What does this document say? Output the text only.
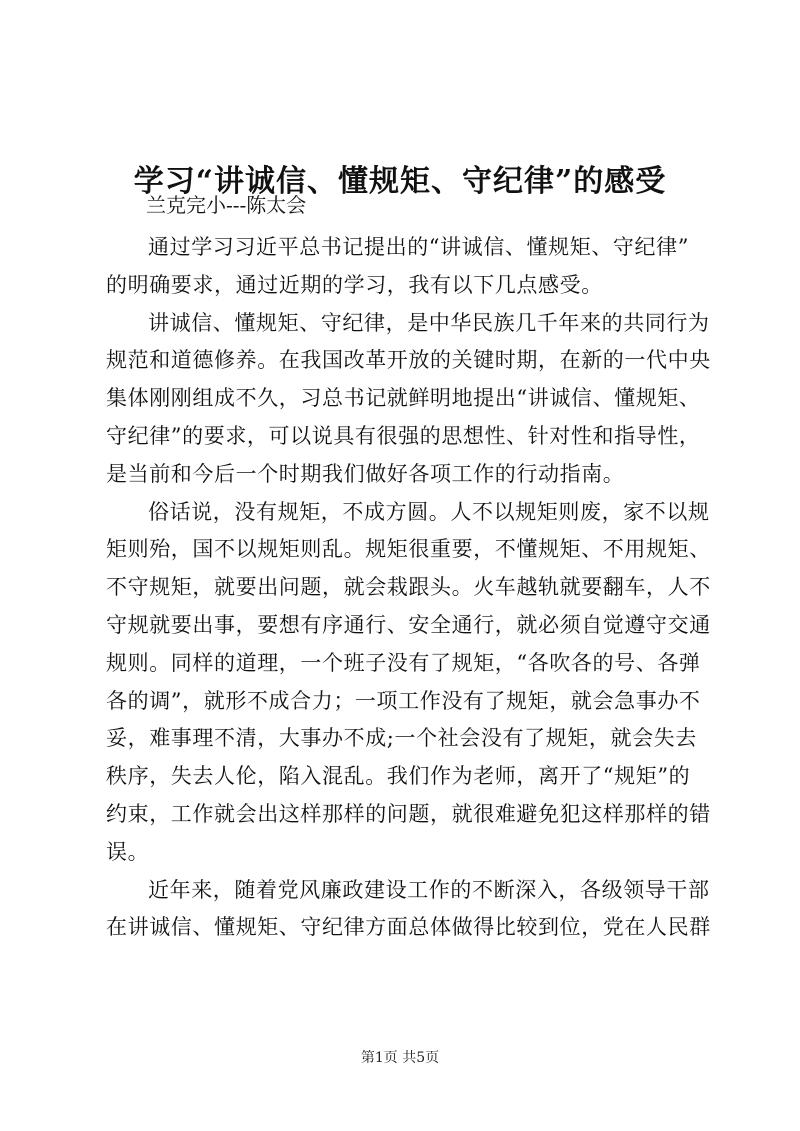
学习“讲诚信、懂规矩、守纪律”的感受
兰克完小---陈太会

通过学习习近平总书记提出的“讲诚信、懂规矩、守纪律”
的明确要求，通过近期的学习，我有以下几点感受。

讲诚信、懂规矩、守纪律，是中华民族几千年来的共同行为
规范和道德修养。在我国改革开放的关键时期，在新的一代中央
集体刚刚组成不久，习总书记就鲜明地提出“讲诚信、懂规矩、
守纪律”的要求，可以说具有很强的思想性、针对性和指导性，
是当前和今后一个时期我们做好各项工作的行动指南。

俗话说，没有规矩，不成方圆。人不以规矩则废，家不以规
矩则殆，国不以规矩则乱。规矩很重要，不懂规矩、不用规矩、
不守规矩，就要出问题，就会栽跟头。火车越轨就要翻车，人不
守规就要出事，要想有序通行、安全通行，就必须自觉遵守交通
规则。同样的道理，一个班子没有了规矩，“各吹各的号、各弹
各的调”，就形不成合力；一项工作没有了规矩，就会急事办不
妥，难事理不清，大事办不成;一个社会没有了规矩，就会失去
秩序，失去人伦，陷入混乱。我们作为老师，离开了“规矩”的
约束，工作就会出这样那样的问题，就很难避免犯这样那样的错
误。

近年来，随着党风廉政建设工作的不断深入，各级领导干部
在讲诚信、懂规矩、守纪律方面总体做得比较到位，党在人民群

第1页 共5页
